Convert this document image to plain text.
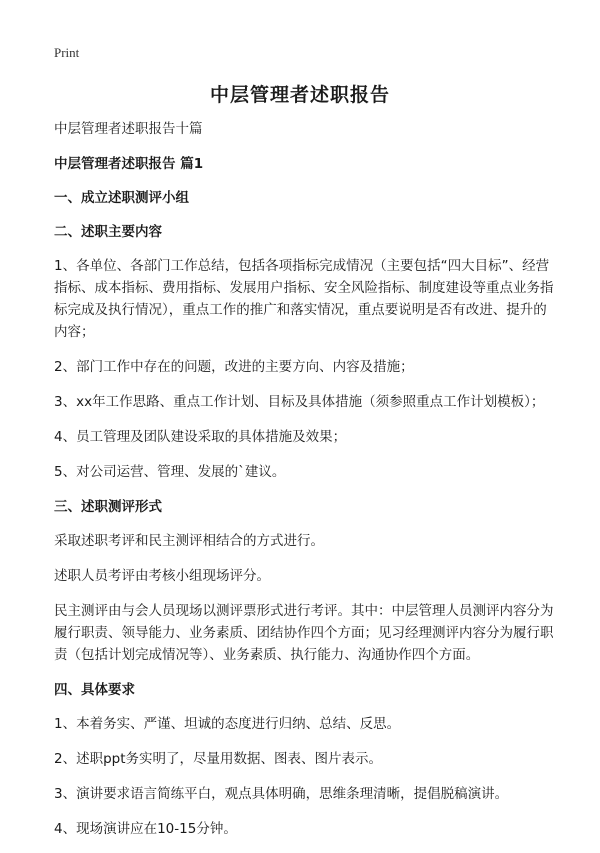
Print
中层管理者述职报告

中层管理者述职报告十篇

中层管理者述职报告 篇1

一、成立述职测评小组

二、述职主要内容

1、各单位、各部门工作总结，包括各项指标完成情况（主要包括“四大目标”、经营指标、成本指标、费用指标、发展用户指标、安全风险指标、制度建设等重点业务指标完成及执行情况），重点工作的推广和落实情况，重点要说明是否有改进、提升的内容；

2、部门工作中存在的问题，改进的主要方向、内容及措施；

3、xx年工作思路、重点工作计划、目标及具体措施（须参照重点工作计划模板）；

4、员工管理及团队建设采取的具体措施及效果；

5、对公司运营、管理、发展的`建议。

三、述职测评形式

采取述职考评和民主测评相结合的方式进行。

述职人员考评由考核小组现场评分。

民主测评由与会人员现场以测评票形式进行考评。其中：中层管理人员测评内容分为履行职责、领导能力、业务素质、团结协作四个方面；见习经理测评内容分为履行职责（包括计划完成情况等）、业务素质、执行能力、沟通协作四个方面。

四、具体要求

1、本着务实、严谨、坦诚的态度进行归纳、总结、反思。

2、述职ppt务实明了，尽量用数据、图表、图片表示。

3、演讲要求语言简练平白，观点具体明确，思维条理清晰，提倡脱稿演讲。

4、现场演讲应在10-15分钟。
